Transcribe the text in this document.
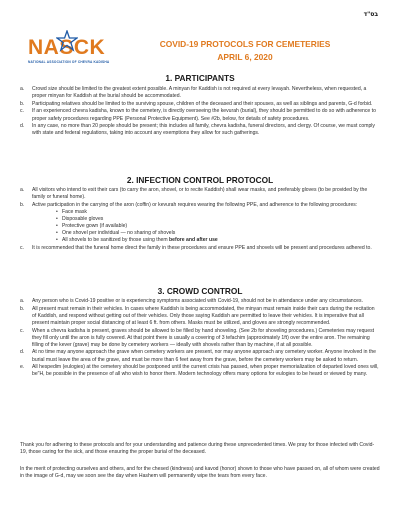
בס"ד
NASCK
NATIONAL ASSOCIATION OF CHEVRA KADISHA
COVID-19 PROTOCOLS FOR CEMETERIES
APRIL 6, 2020
1. PARTICIPANTS
a. Crowd size should be limited to the greatest extent possible. A minyan for Kaddish is not required at every levayah. Nevertheless, when requested, a proper minyan for Kaddish at the burial should be accommodated.
b. Participating relatives should be limited to the surviving spouse, children of the deceased and their spouses, as well as siblings and parents, G-d forbid.
c. If an experienced chevra kadisha, known to the cemetery, is directly overseeing the kevurah (burial), they should be permitted to do so with adherence to proper safety procedures regarding PPE (Personal Protective Equipment). See #2b, below, for details of safety procedures.
d. In any case, no more than 20 people should be present; this includes all family, chevra kadisha, funeral directors, and clergy. Of course, we must comply with state and federal regulations, taking into account any exemptions they allow for such gatherings.
2. INFECTION CONTROL PROTOCOL
a. All visitors who intend to exit their cars (to carry the aron, shovel, or to recite Kaddish) shall wear masks, and preferably gloves (to be provided by the family or funeral home).
b. Active participation in the carrying of the aron (coffin) or kevurah requires wearing the following PPE, and adherence to the following procedures:
• Face mask
• Disposable gloves
• Protective gown (if available)
• One shovel per individual — no sharing of shovels
• All shovels to be sanitized by those using them before and after use
c. It is recommended that the funeral home direct the family in these procedures and ensure PPE and shovels will be present and procedures adhered to.
3. CROWD CONTROL
a. Any person who is Covid-19 positive or is experiencing symptoms associated with Covid-19, should not be in attendance under any circumstances.
b. All present must remain in their vehicles. In cases where Kaddish is being accommodated, the minyan must remain inside their cars during the recitation of Kaddish, and respond without getting out of their vehicles. Only those saying Kaddish are permitted to leave their vehicles. It is imperative that all present maintain proper social distancing of at least 6 ft. from others. Masks must be utilized, and gloves are strongly recommended.
c. When a chevra kadisha is present, graves should be allowed to be filled by hand shoveling. (See 2b for shoveling procedures.) Cemeteries may request they fill only until the aron is fully covered. At that point there is usually a covering of 3 tefachim (approximately 1ft) over the entire aron. The remaining filling of the kever (grave) may be done by cemetery workers — ideally with shovels rather than by machine, if at all possible.
d. At no time may anyone approach the grave when cemetery workers are present, nor may anyone approach any cemetery worker. Anyone involved in the burial must leave the area of the grave, and must be more than 6 feet away from the grave, before the cemetery workers may be asked to return.
e. All hespedim (eulogies) at the cemetery should be postponed until the current crisis has passed, when proper memorialization of departed loved ones will, be"H, be possible in the presence of all who wish to honor them. Modern technology offers many options for eulogies to be heard or viewed by many.

Thank you for adhering to these protocols and for your understanding and patience during these unprecedented times. We pray for those infected with Covid-19, those caring for the sick, and those ensuring the proper burial of the deceased.

In the merit of protecting ourselves and others, and for the chesed (kindness) and kavod (honor) shown to those who have passed on, all of whom were created in the image of G-d, may we soon see the day when Hashem will permanently wipe the tears from every face.
